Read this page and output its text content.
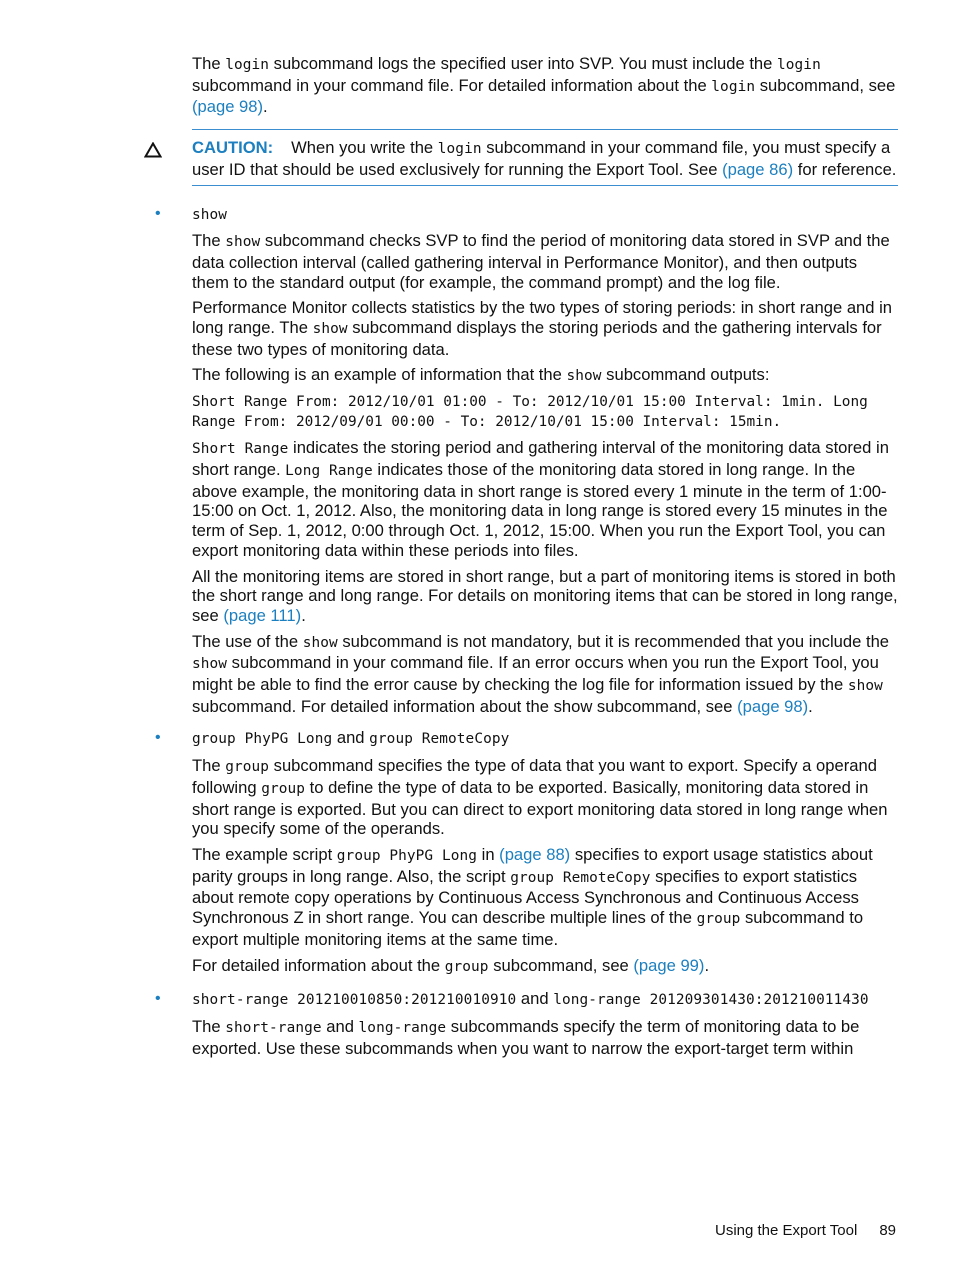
The login subcommand logs the specified user into SVP. You must include the login subcommand in your command file. For detailed information about the login subcommand, see (page 98).

CAUTION: When you write the login subcommand in your command file, you must specify a user ID that should be used exclusively for running the Export Tool. See (page 86) for reference.
• show

The show subcommand checks SVP to find the period of monitoring data stored in SVP and the data collection interval (called gathering interval in Performance Monitor), and then outputs them to the standard output (for example, the command prompt) and the log file.

Performance Monitor collects statistics by the two types of storing periods: in short range and in long range. The show subcommand displays the storing periods and the gathering intervals for these two types of monitoring data.

The following is an example of information that the show subcommand outputs:

Short Range From: 2012/10/01 01:00 - To: 2012/10/01 15:00 Interval: 1min. Long Range From: 2012/09/01 00:00 - To: 2012/10/01 15:00 Interval: 15min.

Short Range indicates the storing period and gathering interval of the monitoring data stored in short range. Long Range indicates those of the monitoring data stored in long range. In the above example, the monitoring data in short range is stored every 1 minute in the term of 1:00-15:00 on Oct. 1, 2012. Also, the monitoring data in long range is stored every 15 minutes in the term of Sep. 1, 2012, 0:00 through Oct. 1, 2012, 15:00. When you run the Export Tool, you can export monitoring data within these periods into files.

All the monitoring items are stored in short range, but a part of monitoring items is stored in both the short range and long range. For details on monitoring items that can be stored in long range, see (page 111).

The use of the show subcommand is not mandatory, but it is recommended that you include the show subcommand in your command file. If an error occurs when you run the Export Tool, you might be able to find the error cause by checking the log file for information issued by the show subcommand. For detailed information about the show subcommand, see (page 98).

• group PhyPG Long and group RemoteCopy

The group subcommand specifies the type of data that you want to export. Specify a operand following group to define the type of data to be exported. Basically, monitoring data stored in short range is exported. But you can direct to export monitoring data stored in long range when you specify some of the operands.

The example script group PhyPG Long in (page 88) specifies to export usage statistics about parity groups in long range. Also, the script group RemoteCopy specifies to export statistics about remote copy operations by Continuous Access Synchronous and Continuous Access Synchronous Z in short range. You can describe multiple lines of the group subcommand to export multiple monitoring items at the same time.

For detailed information about the group subcommand, see (page 99).

• short-range 201210010850:201210010910 and long-range 201209301430:201210011430

The short-range and long-range subcommands specify the term of monitoring data to be exported. Use these subcommands when you want to narrow the export-target term within

Using the Export Tool 89
